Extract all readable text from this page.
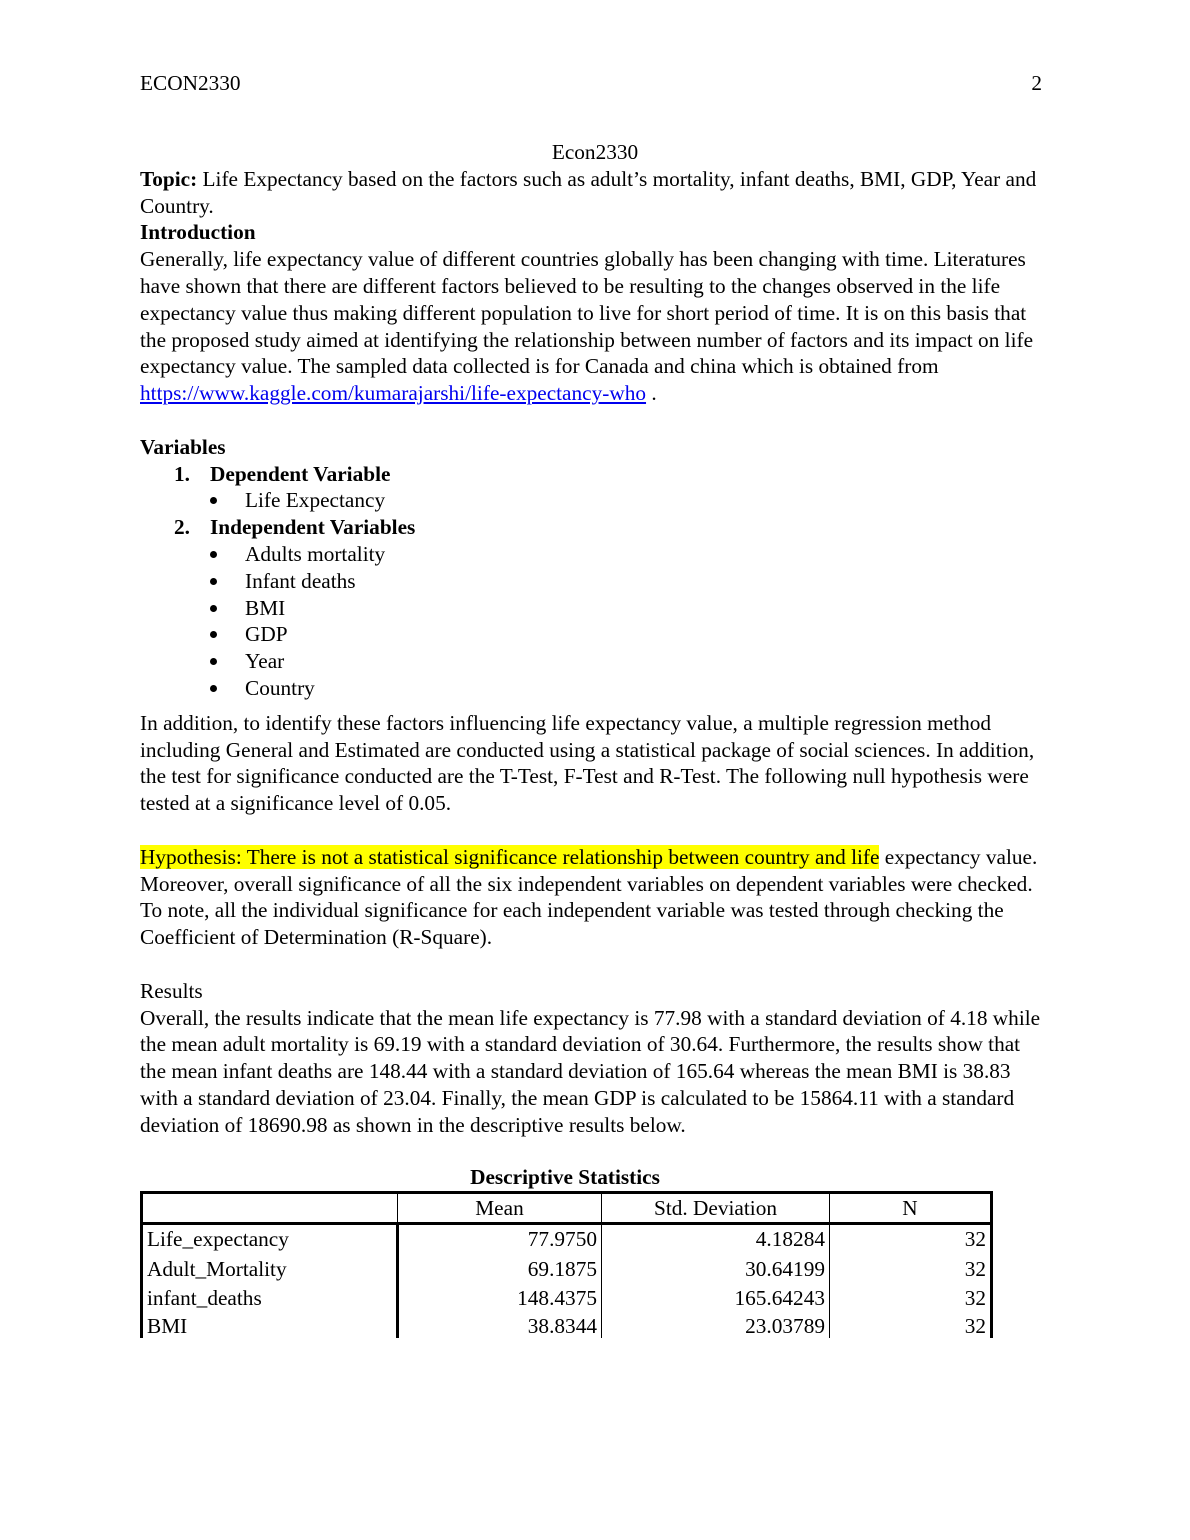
ECON2330	2

Econ2330

Topic: Life Expectancy based on the factors such as adult’s mortality, infant deaths, BMI, GDP, Year and Country.

Introduction

Generally, life expectancy value of different countries globally has been changing with time. Literatures have shown that there are different factors believed to be resulting to the changes observed in the life expectancy value thus making different population to live for short period of time. It is on this basis that the proposed study aimed at identifying the relationship between number of factors and its impact on life expectancy value. The sampled data collected is for Canada and china which is obtained from https://www.kaggle.com/kumarajarshi/life-expectancy-who .

Variables

1. Dependent Variable
Life Expectancy
2. Independent Variables
Adults mortality
Infant deaths
BMI
GDP
Year
Country

In addition, to identify these factors influencing life expectancy value, a multiple regression method including General and Estimated are conducted using a statistical package of social sciences. In addition, the test for significance conducted are the T-Test, F-Test and R-Test. The following null hypothesis were tested at a significance level of 0.05.

Hypothesis: There is not a statistical significance relationship between country and life expectancy value. Moreover, overall significance of all the six independent variables on dependent variables were checked. To note, all the individual significance for each independent variable was tested through checking the Coefficient of Determination (R-Square).

Results

Overall, the results indicate that the mean life expectancy is 77.98 with a standard deviation of 4.18 while the mean adult mortality is 69.19 with a standard deviation of 30.64. Furthermore, the results show that the mean infant deaths are 148.44 with a standard deviation of 165.64 whereas the mean BMI is 38.83 with a standard deviation of 23.04. Finally, the mean GDP is calculated to be 15864.11 with a standard deviation of 18690.98 as shown in the descriptive results below.

Descriptive Statistics
	Mean	Std. Deviation	N
Life_expectancy	77.9750	4.18284	32
Adult_Mortality	69.1875	30.64199	32
infant_deaths	148.4375	165.64243	32
BMI	38.8344	23.03789	32
